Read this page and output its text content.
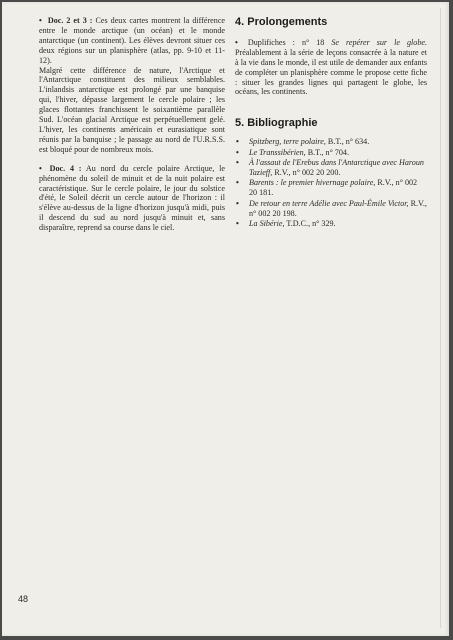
• Doc. 2 et 3 : Ces deux cartes montrent la différence entre le monde arctique (un océan) et le monde antarctique (un continent). Les élèves devront situer ces deux régions sur un planisphère (atlas, pp. 9-10 et 11-12).

Malgré cette différence de nature, l'Arctique et l'Antarctique constituent des milieux semblables. L'inlandsis antarctique est prolongé par une banquise qui, l'hiver, dépasse largement le cercle polaire ; les glaces flottantes franchissent le soixantième parallèle Sud. L'océan glacial Arctique est perpétuellement gelé. L'hiver, les continents américain et eurasiatique sont réunis par la banquise ; le passage au nord de l'U.R.S.S. est bloqué pour de nombreux mois.

• Doc. 4 : Au nord du cercle polaire Arctique, le phénomène du soleil de minuit et de la nuit polaire est caractéristique. Sur le cercle polaire, le jour du solstice d'été, le Soleil décrit un cercle autour de l'horizon : il s'élève au-dessus de la ligne d'horizon jusqu'à midi, puis il descend du sud au nord jusqu'à minuit et, sans disparaître, reprend sa course dans le ciel.

4. Prolongements

• Duplifiches : n° 18 Se repérer sur le globe. Préalablement à la série de leçons consacrée à la nature et à la vie dans le monde, il est utile de demander aux enfants de compléter un planisphère comme le propose cette fiche : situer les grandes lignes qui partagent le globe, les océans, les continents.

5. Bibliographie
• Spitzberg, terre polaire, B.T., n° 634.
• Le Transsibérien, B.T., n° 704.
• À l'assaut de l'Erebus dans l'Antarctique avec Haroun Tazieff, R.V., n° 002 20 200.
• Barents : le premier hivernage polaire, R.V., n° 002 20 181.
• De retour en terre Adélie avec Paul-Émile Victor, R.V., n° 002 20 198.
• La Sibérie, T.D.C., n° 329.
48
